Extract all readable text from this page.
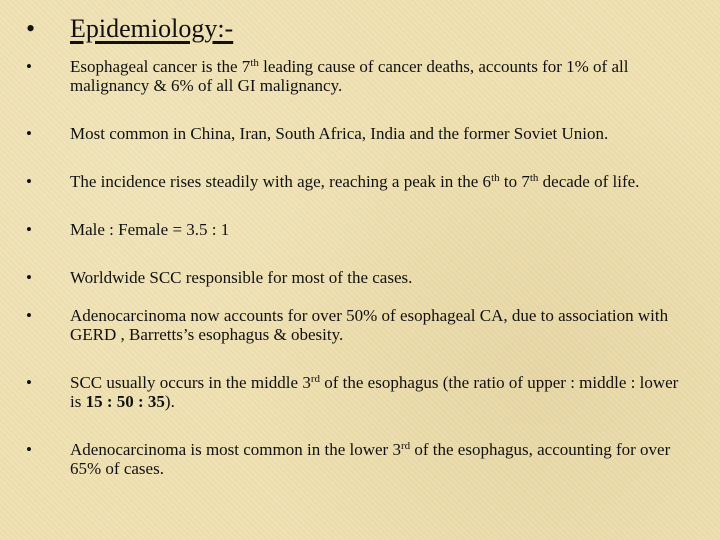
•	Epidemiology:-
•	Esophageal cancer is the 7th leading cause of cancer deaths, accounts for 1% of all malignancy & 6% of all GI malignancy.
•	Most common in China, Iran, South Africa, India and the former Soviet Union.
•	The incidence rises steadily with age, reaching a peak in the 6th to 7th decade of life.
•	Male : Female = 3.5 : 1
•	Worldwide SCC responsible for most of the cases.
•	Adenocarcinoma now accounts for over 50% of esophageal CA, due to association with GERD , Barretts’s esophagus & obesity.
•	SCC usually occurs in the middle 3rd of the esophagus (the ratio of upper : middle : lower is 15 : 50 : 35).
•	Adenocarcinoma is most common in the lower 3rd of the esophagus, accounting for over 65% of cases.
